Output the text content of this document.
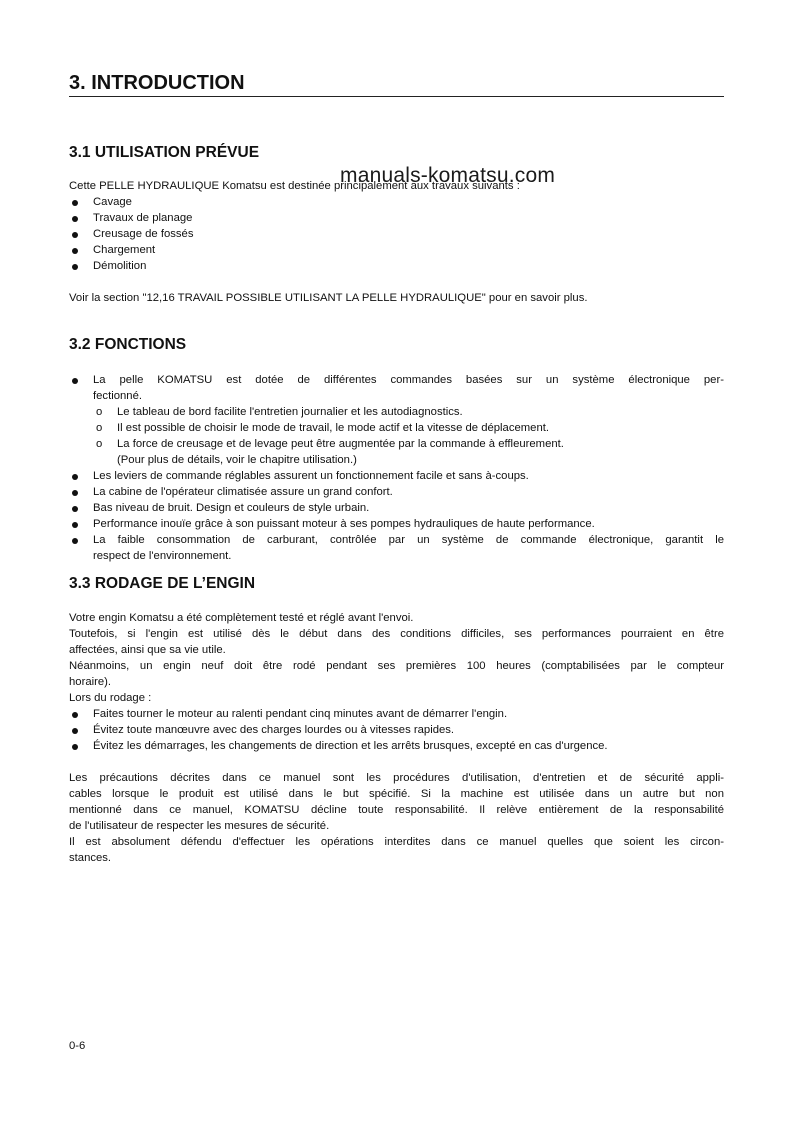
3. INTRODUCTION
3.1 UTILISATION PRÉVUE
Cette PELLE HYDRAULIQUE Komatsu est destinée principalement aux travaux suivants :
Cavage
Travaux de planage
Creusage de fossés
Chargement
Démolition
Voir la section "12,16 TRAVAIL POSSIBLE UTILISANT LA PELLE HYDRAULIQUE" pour en savoir plus.
manuals-komatsu.com
3.2 FONCTIONS
La pelle KOMATSU est dotée de différentes commandes basées sur un système électronique per-
fectionné.
o Le tableau de bord facilite l'entretien journalier et les autodiagnostics.
o Il est possible de choisir le mode de travail, le mode actif et la vitesse de déplacement.
o La force de creusage et de levage peut être augmentée par la commande à effleurement.
(Pour plus de détails, voir le chapitre utilisation.)
Les leviers de commande réglables assurent un fonctionnement facile et sans à-coups.
La cabine de l'opérateur climatisée assure un grand confort.
Bas niveau de bruit. Design et couleurs de style urbain.
Performance inouïe grâce à son puissant moteur à ses pompes hydrauliques de haute performance.
La faible consommation de carburant, contrôlée par un système de commande électronique, garantit le
respect de l'environnement.
3.3 RODAGE DE L’ENGIN
Votre engin Komatsu a été complètement testé et réglé avant l'envoi.
Toutefois, si l'engin est utilisé dès le début dans des conditions difficiles, ses performances pourraient en être
affectées, ainsi que sa vie utile.
Néanmoins, un engin neuf doit être rodé pendant ses premières 100 heures (comptabilisées par le compteur
horaire).
Lors du rodage :
Faites tourner le moteur au ralenti pendant cinq minutes avant de démarrer l'engin.
Évitez toute manœuvre avec des charges lourdes ou à vitesses rapides.
Évitez les démarrages, les changements de direction et les arrêts brusques, excepté en cas d'urgence.
Les précautions décrites dans ce manuel sont les procédures d'utilisation, d'entretien et de sécurité appli-
cables lorsque le produit est utilisé dans le but spécifié. Si la machine est utilisée dans un autre but non
mentionné dans ce manuel, KOMATSU décline toute responsabilité. Il relève entièrement de la responsabilité
de l'utilisateur de respecter les mesures de sécurité.
Il est absolument défendu d'effectuer les opérations interdites dans ce manuel quelles que soient les circon-
stances.
0-6
